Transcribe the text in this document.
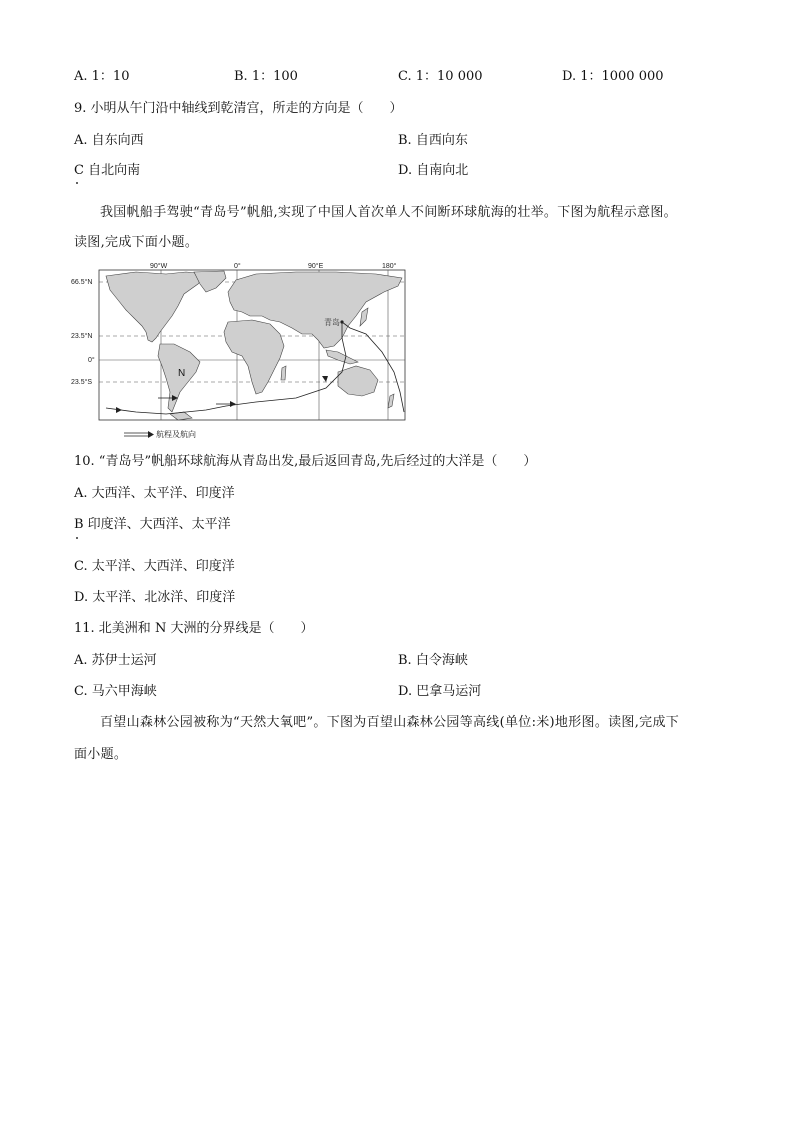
A. 1：10	B. 1：100	C. 1：10 000	D. 1：1000 000
9. 小明从午门沿中轴线到乾清宫，所走的方向是（　　）
A. 自东向西	B. 自西向东
C 自北向南	D. 自南向北
我国帆船手驾驶“青岛号”帆船,实现了中国人首次单人不间断环球航海的壮举。下图为航程示意图。
读图,完成下面小题。
青岛
N
90°W	0°	90°E	180°
66.5°N
23.5°N
0°
23.5°S
航程及航向
10. “青岛号”帆船环球航海从青岛出发,最后返回青岛,先后经过的大洋是（　　）
A. 大西洋、太平洋、印度洋
B 印度洋、大西洋、太平洋
C. 太平洋、大西洋、印度洋
D. 太平洋、北冰洋、印度洋
11. 北美洲和 N 大洲的分界线是（　　）
A. 苏伊士运河	B. 白令海峡
C. 马六甲海峡	D. 巴拿马运河
百望山森林公园被称为“天然大氧吧”。下图为百望山森林公园等高线(单位:米)地形图。读图,完成下
面小题。
